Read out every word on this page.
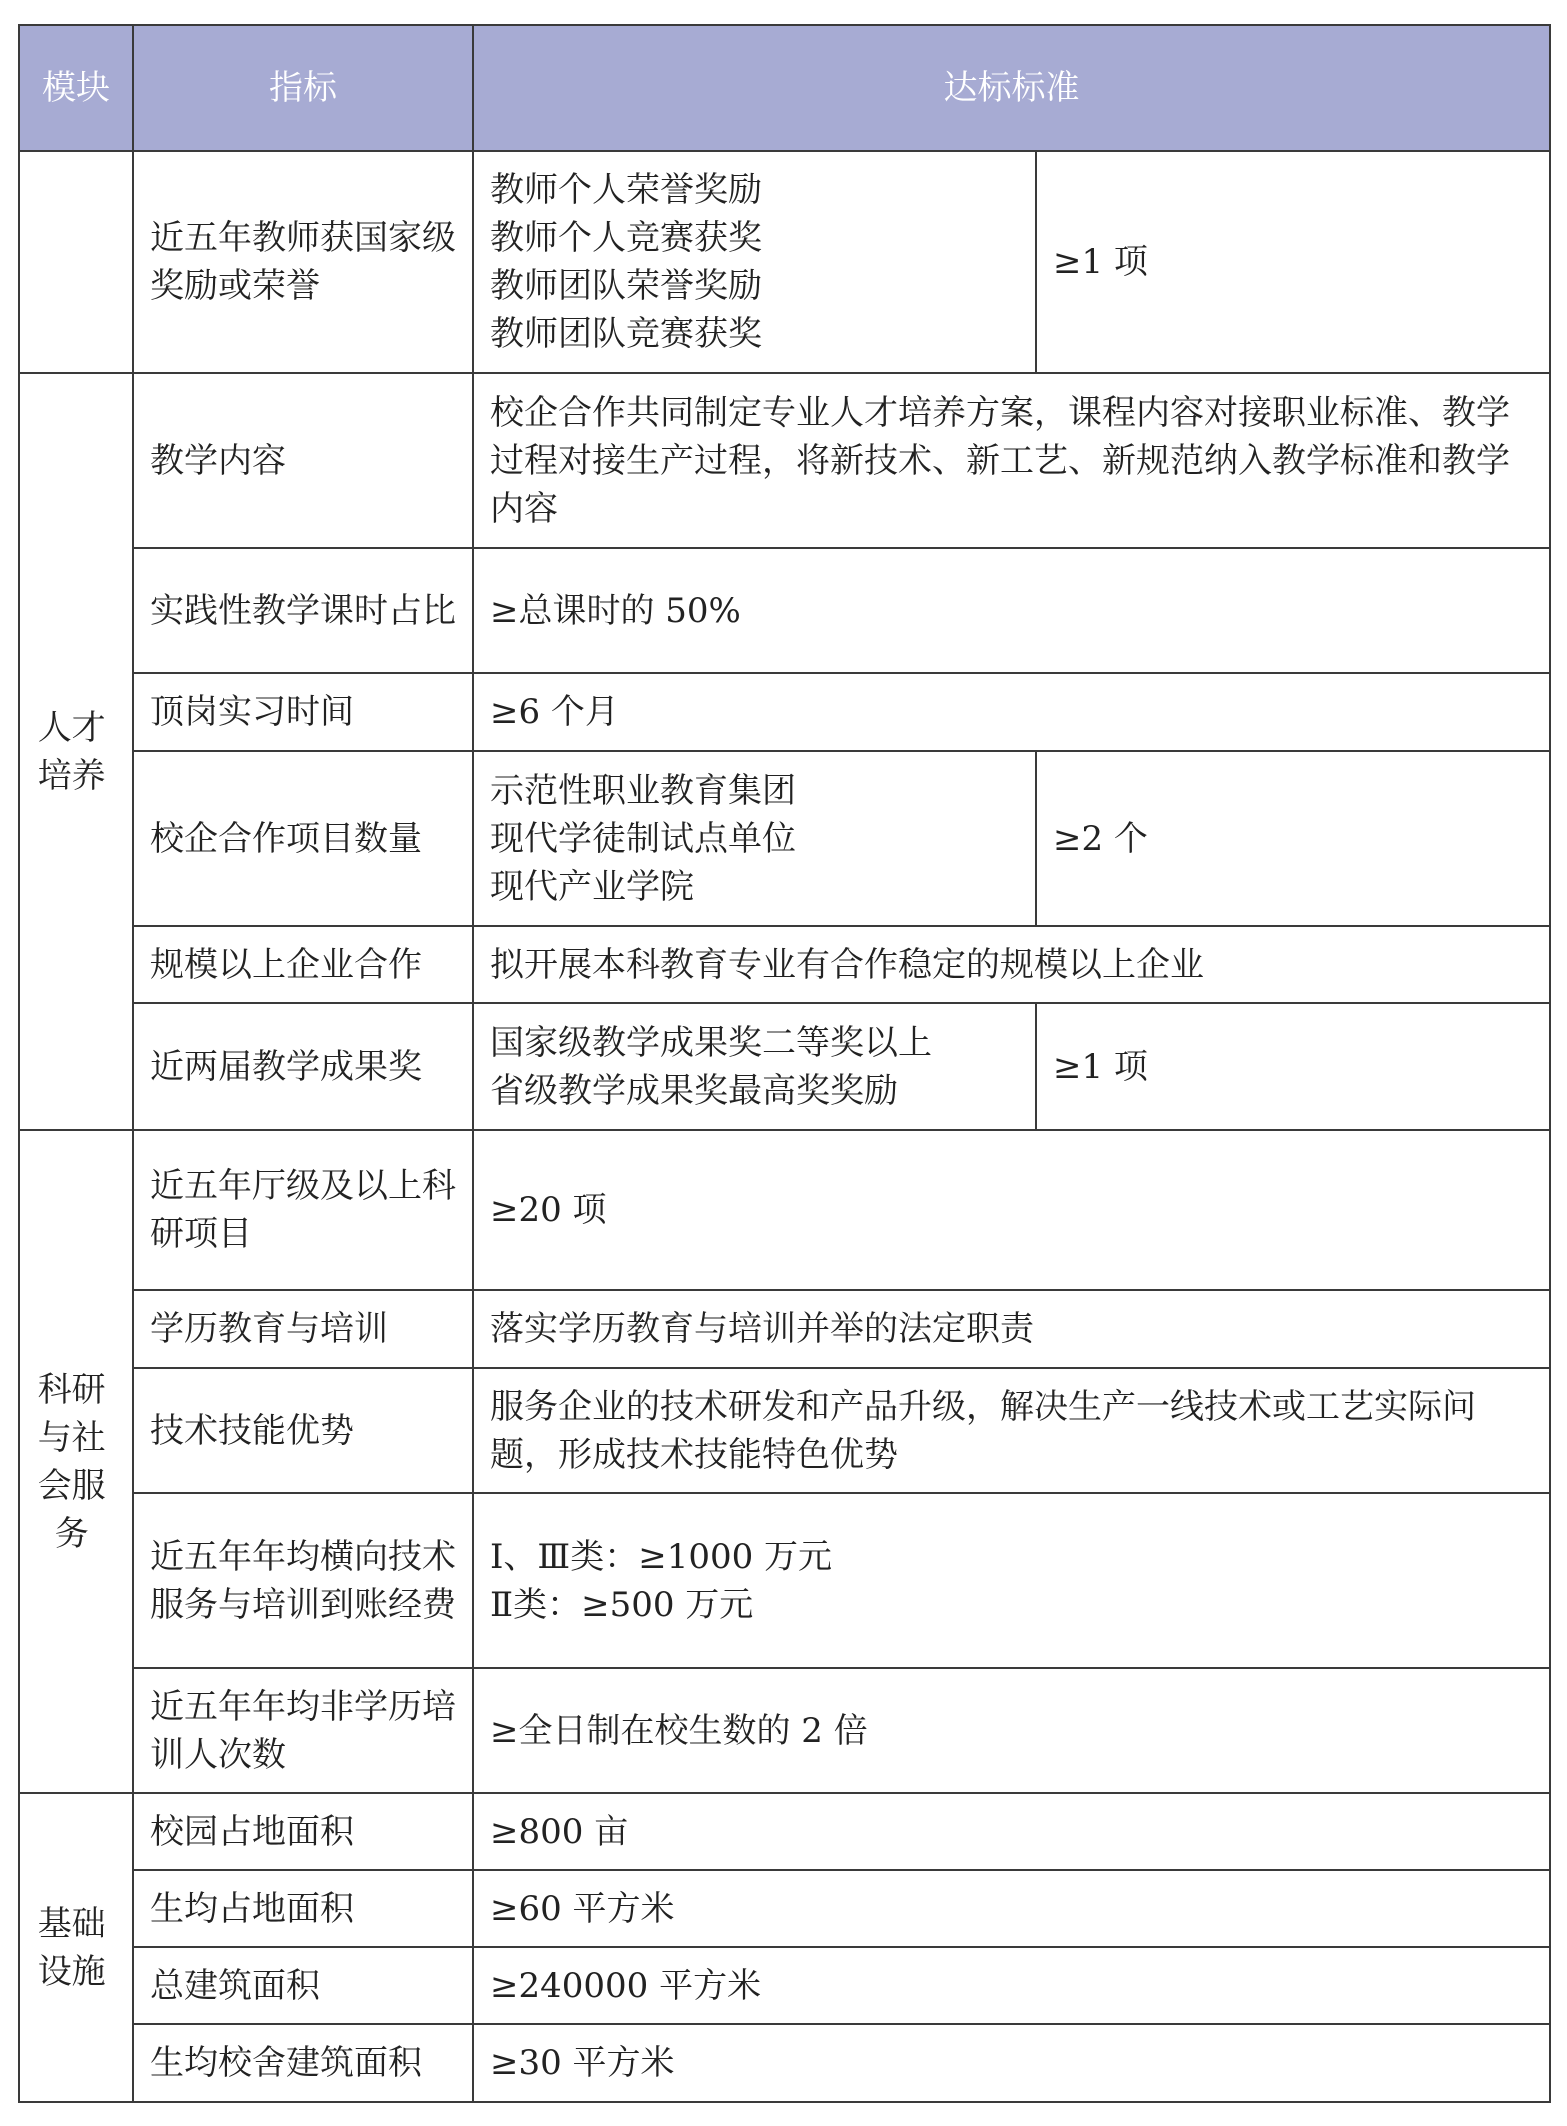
模块	指标	达标标准	
	近五年教师获国家级奖励或荣誉	教师个人荣誉奖励
教师个人竞赛获奖
教师团队荣誉奖励
教师团队竞赛获奖	≥1 项
人才培养	教学内容	校企合作共同制定专业人才培养方案，课程内容对接职业标准、教学过程对接生产过程，将新技术、新工艺、新规范纳入教学标准和教学内容	
	实践性教学课时占比	≥总课时的 50%	
	顶岗实习时间	≥6 个月	
	校企合作项目数量	示范性职业教育集团
现代学徒制试点单位
现代产业学院	≥2 个
	规模以上企业合作	拟开展本科教育专业有合作稳定的规模以上企业	
	近两届教学成果奖	国家级教学成果奖二等奖以上
省级教学成果奖最高奖奖励	≥1 项
科研与社会服务	近五年厅级及以上科研项目	≥20 项	
	学历教育与培训	落实学历教育与培训并举的法定职责	
	技术技能优势	服务企业的技术研发和产品升级，解决生产一线技术或工艺实际问题，形成技术技能特色优势	
	近五年年均横向技术服务与培训到账经费	Ⅰ、Ⅲ类：≥1000 万元
Ⅱ类：≥500 万元	

	近五年年均非学历培训人次数	≥全日制在校生数的 2 倍	
基础设施	校园占地面积	≥800 亩	
	生均占地面积	≥60 平方米	
	总建筑面积	≥240000 平方米	
	生均校舍建筑面积	≥30 平方米	
